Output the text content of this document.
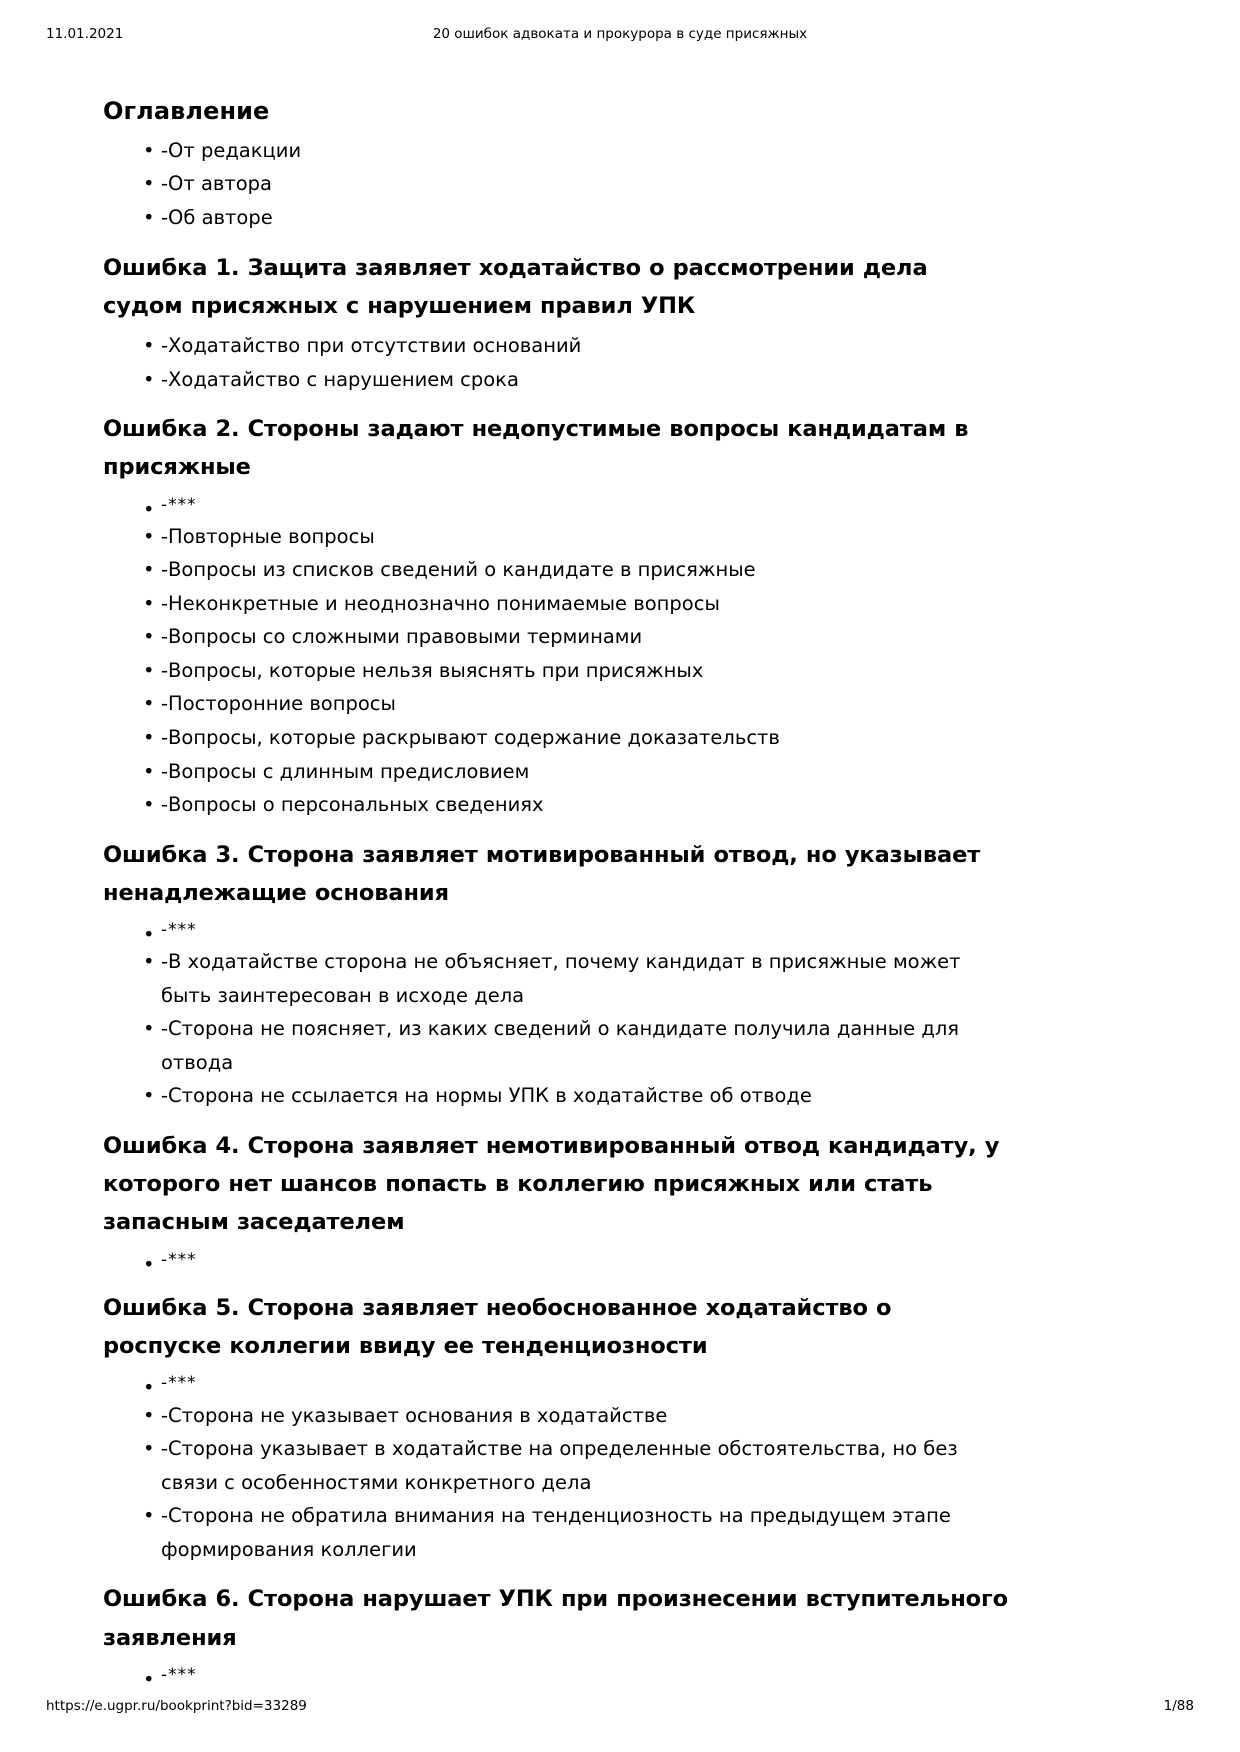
11.01.2021	20 ошибок адвоката и прокурора в суде присяжных
Оглавление
• -От редакции
• -От автора
• -Об авторе
Ошибка 1. Защита заявляет ходатайство о рассмотрении дела судом присяжных с нарушением правил УПК
• -Ходатайство при отсутствии оснований
• -Ходатайство с нарушением срока
Ошибка 2. Стороны задают недопустимые вопросы кандидатам в присяжные
• -***
• -Повторные вопросы
• -Вопросы из списков сведений о кандидате в присяжные
• -Неконкретные и неоднозначно понимаемые вопросы
• -Вопросы со сложными правовыми терминами
• -Вопросы, которые нельзя выяснять при присяжных
• -Посторонние вопросы
• -Вопросы, которые раскрывают содержание доказательств
• -Вопросы с длинным предисловием
• -Вопросы о персональных сведениях
Ошибка 3. Сторона заявляет мотивированный отвод, но указывает ненадлежащие основания
• -***
• -В ходатайстве сторона не объясняет, почему кандидат в присяжные может быть заинтересован в исходе дела
• -Сторона не поясняет, из каких сведений о кандидате получила данные для отвода
• -Сторона не ссылается на нормы УПК в ходатайстве об отводе
Ошибка 4. Сторона заявляет немотивированный отвод кандидату, у которого нет шансов попасть в коллегию присяжных или стать запасным заседателем
• -***
Ошибка 5. Сторона заявляет необоснованное ходатайство о роспуске коллегии ввиду ее тенденциозности
• -***
• -Сторона не указывает основания в ходатайстве
• -Сторона указывает в ходатайстве на определенные обстоятельства, но без связи с особенностями конкретного дела
• -Сторона не обратила внимания на тенденциозность на предыдущем этапе формирования коллегии
Ошибка 6. Сторона нарушает УПК при произнесении вступительного заявления
• -***
https://e.ugpr.ru/bookprint?bid=33289	1/88
